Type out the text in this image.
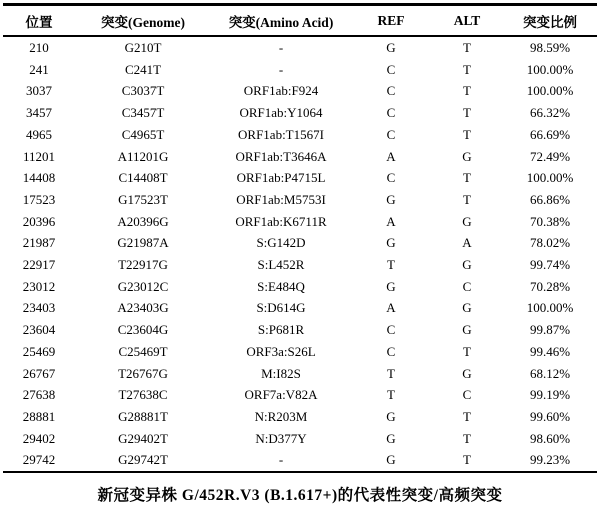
位置	突变(Genome)	突变(Amino Acid)	REF	ALT	突变比例
210	G210T	-	G	T	98.59%
241	C241T	-	C	T	100.00%
3037	C3037T	ORF1ab:F924	C	T	100.00%
3457	C3457T	ORF1ab:Y1064	C	T	66.32%
4965	C4965T	ORF1ab:T1567I	C	T	66.69%
11201	A11201G	ORF1ab:T3646A	A	G	72.49%
14408	C14408T	ORF1ab:P4715L	C	T	100.00%
17523	G17523T	ORF1ab:M5753I	G	T	66.86%
20396	A20396G	ORF1ab:K6711R	A	G	70.38%
21987	G21987A	S:G142D	G	A	78.02%
22917	T22917G	S:L452R	T	G	99.74%
23012	G23012C	S:E484Q	G	C	70.28%
23403	A23403G	S:D614G	A	G	100.00%
23604	C23604G	S:P681R	C	G	99.87%
25469	C25469T	ORF3a:S26L	C	T	99.46%
26767	T26767G	M:I82S	T	G	68.12%
27638	T27638C	ORF7a:V82A	T	C	99.19%
28881	G28881T	N:R203M	G	T	99.60%
29402	G29402T	N:D377Y	G	T	98.60%
29742	G29742T	-	G	T	99.23%
新冠变异株 G/452R.V3 (B.1.617+)的代表性突变/高频突变
